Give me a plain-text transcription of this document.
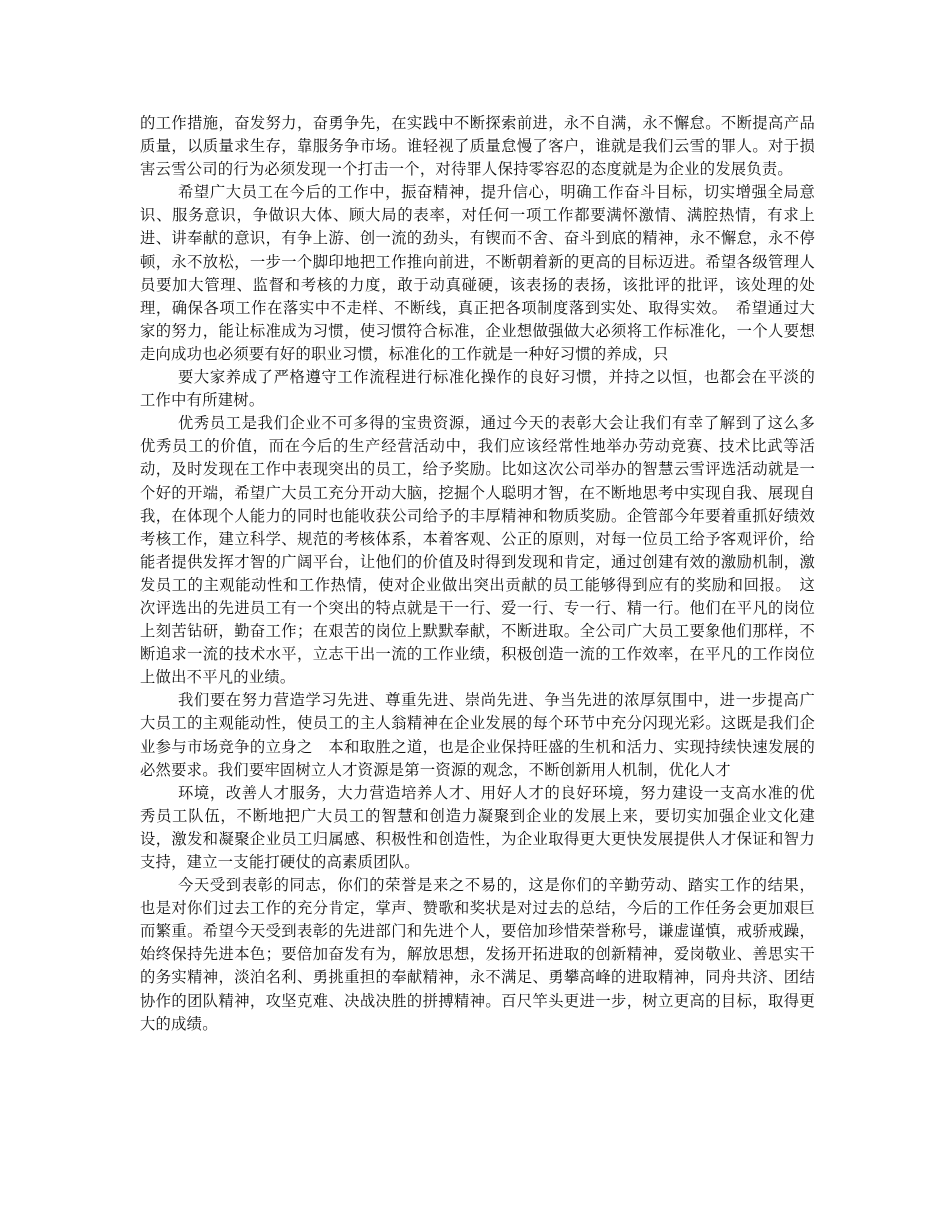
的工作措施，奋发努力，奋勇争先，在实践中不断探索前进，永不自满，永不懈怠。不断提高产品质量，以质量求生存，靠服务争市场。谁轻视了质量怠慢了客户，谁就是我们云雪的罪人。对于损害云雪公司的行为必须发现一个打击一个，对待罪人保持零容忍的态度就是为企业的发展负责。

希望广大员工在今后的工作中，振奋精神，提升信心，明确工作奋斗目标，切实增强全局意识、服务意识，争做识大体、顾大局的表率，对任何一项工作都要满怀激情、满腔热情，有求上进、讲奉献的意识，有争上游、创一流的劲头，有锲而不舍、奋斗到底的精神，永不懈怠，永不停顿，永不放松，一步一个脚印地把工作推向前进，不断朝着新的更高的目标迈进。希望各级管理人员要加大管理、监督和考核的力度，敢于动真碰硬，该表扬的表扬，该批评的批评，该处理的处理，确保各项工作在落实中不走样、不断线，真正把各项制度落到实处、取得实效。　希望通过大家的努力，能让标准成为习惯，使习惯符合标准，企业想做强做大必须将工作标准化，一个人要想走向成功也必须要有好的职业习惯，标准化的工作就是一种好习惯的养成，只

要大家养成了严格遵守工作流程进行标准化操作的良好习惯，并持之以恒，也都会在平淡的工作中有所建树。

优秀员工是我们企业不可多得的宝贵资源，通过今天的表彰大会让我们有幸了解到了这么多优秀员工的价值，而在今后的生产经营活动中，我们应该经常性地举办劳动竞赛、技术比武等活动，及时发现在工作中表现突出的员工，给予奖励。比如这次公司举办的智慧云雪评选活动就是一个好的开端，希望广大员工充分开动大脑，挖掘个人聪明才智，在不断地思考中实现自我、展现自我，在体现个人能力的同时也能收获公司给予的丰厚精神和物质奖励。企管部今年要着重抓好绩效考核工作，建立科学、规范的考核体系，本着客观、公正的原则，对每一位员工给予客观评价，给能者提供发挥才智的广阔平台，让他们的价值及时得到发现和肯定，通过创建有效的激励机制，激发员工的主观能动性和工作热情，使对企业做出突出贡献的员工能够得到应有的奖励和回报。　这次评选出的先进员工有一个突出的特点就是干一行、爱一行、专一行、精一行。他们在平凡的岗位上刻苦钻研，勤奋工作；在艰苦的岗位上默默奉献，不断进取。全公司广大员工要象他们那样，不断追求一流的技术水平，立志干出一流的工作业绩，积极创造一流的工作效率，在平凡的工作岗位上做出不平凡的业绩。

我们要在努力营造学习先进、尊重先进、崇尚先进、争当先进的浓厚氛围中，进一步提高广大员工的主观能动性，使员工的主人翁精神在企业发展的每个环节中充分闪现光彩。这既是我们企业参与市场竞争的立身之　本和取胜之道，也是企业保持旺盛的生机和活力、实现持续快速发展的必然要求。我们要牢固树立人才资源是第一资源的观念，不断创新用人机制，优化人才

环境，改善人才服务，大力营造培养人才、用好人才的良好环境，努力建设一支高水准的优秀员工队伍，不断地把广大员工的智慧和创造力凝聚到企业的发展上来，要切实加强企业文化建设，激发和凝聚企业员工归属感、积极性和创造性，为企业取得更大更快发展提供人才保证和智力支持，建立一支能打硬仗的高素质团队。

今天受到表彰的同志，你们的荣誉是来之不易的，这是你们的辛勤劳动、踏实工作的结果，也是对你们过去工作的充分肯定，掌声、赞歌和奖状是对过去的总结，今后的工作任务会更加艰巨而繁重。希望今天受到表彰的先进部门和先进个人，要倍加珍惜荣誉称号，谦虚谨慎，戒骄戒躁，始终保持先进本色；要倍加奋发有为，解放思想，发扬开拓进取的创新精神，爱岗敬业、善思实干的务实精神，淡泊名利、勇挑重担的奉献精神，永不满足、勇攀高峰的进取精神，同舟共济、团结协作的团队精神，攻坚克难、决战决胜的拼搏精神。百尺竿头更进一步，树立更高的目标，取得更大的成绩。
